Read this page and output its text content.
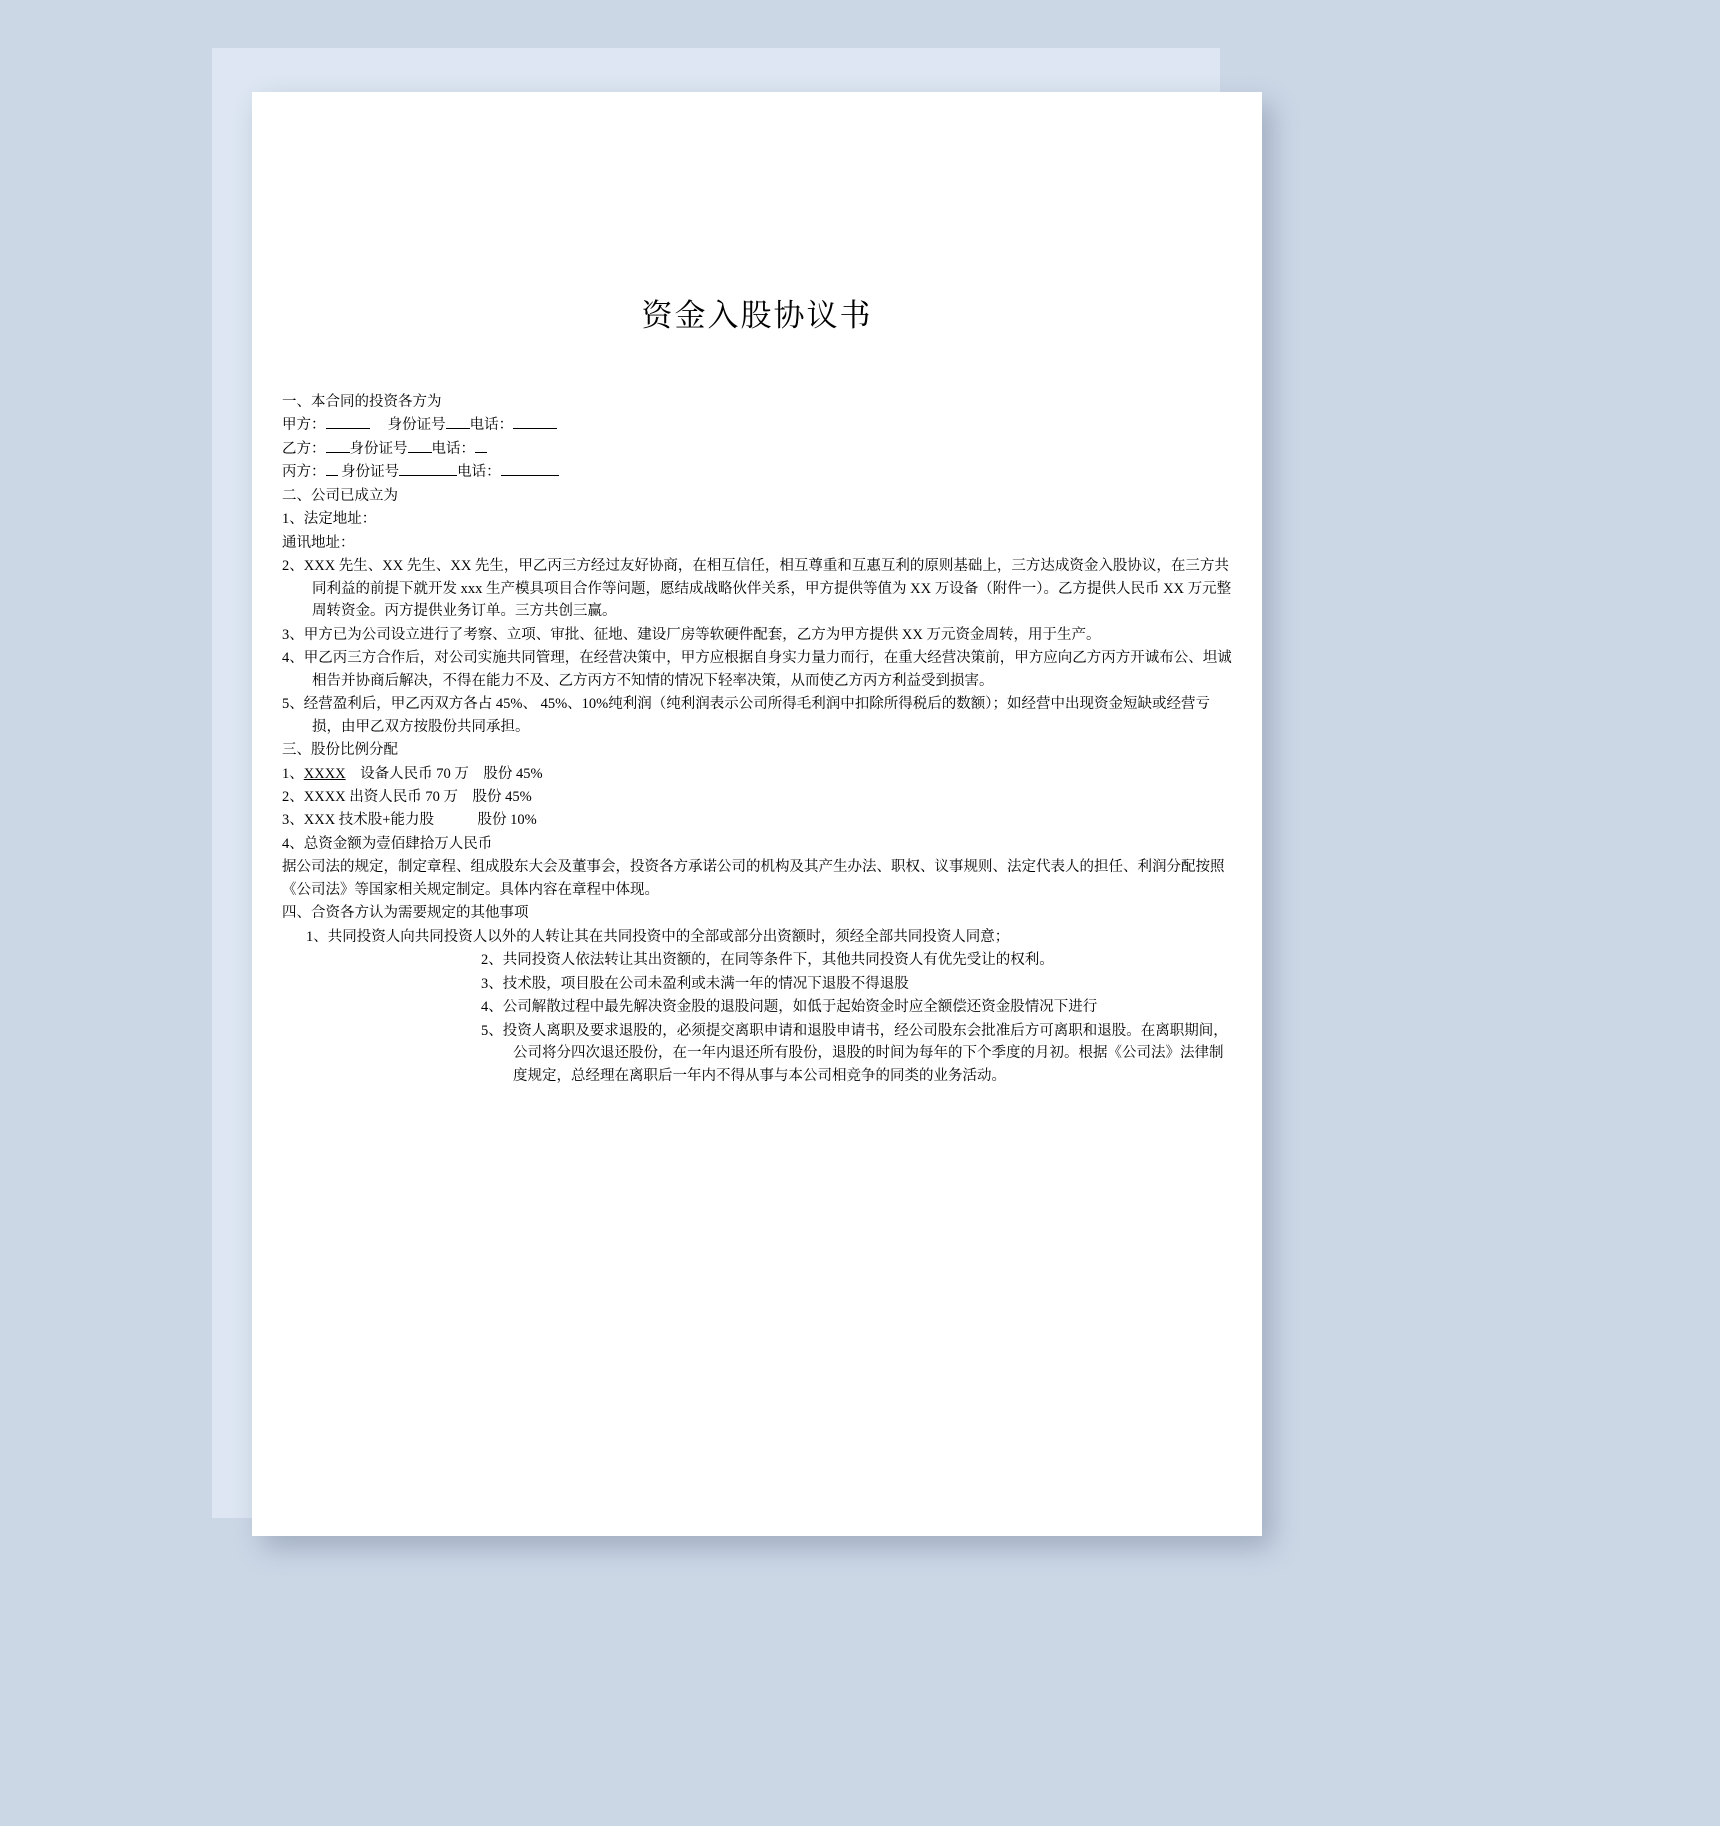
资金入股协议书

一、本合同的投资各方为

甲方：	身份证号 电话：

乙方： 身份证号 电话：

丙方： 身份证号	电话：

二、公司已成立为

1、法定地址：

通讯地址：

2、XXX 先生、XX 先生、XX 先生，甲乙丙三方经过友好协商，在相互信任，相互尊重和互惠互利的原则基础上，三方达成资金入股协议，在三方共同利益的前提下就开发 xxx 生产模具项目合作等问题，愿结成战略伙伴关系，甲方提供等值为 XX 万设备（附件一）。乙方提供人民币 XX 万元整周转资金。丙方提供业务订单。三方共创三赢。

3、甲方已为公司设立进行了考察、立项、审批、征地、建设厂房等软硬件配套，乙方为甲方提供 XX 万元资金周转，用于生产。

4、甲乙丙三方合作后，对公司实施共同管理，在经营决策中，甲方应根据自身实力量力而行，在重大经营决策前，甲方应向乙方丙方开诚布公、坦诚相告并协商后解决，不得在能力不及、乙方丙方不知情的情况下轻率决策，从而使乙方丙方利益受到损害。

5、经营盈利后，甲乙丙双方各占 45%、 45%、10%纯利润（纯利润表示公司所得毛利润中扣除所得税后的数额）；如经营中出现资金短缺或经营亏损，由甲乙双方按股份共同承担。

三、股份比例分配

1、XXXX　设备人民币 70 万　股份 45%

2、XXXX 出资人民币 70 万　股份 45%

3、XXX 技术股+能力股　　　股份 10%

4、总资金额为壹佰肆拾万人民币

据公司法的规定，制定章程、组成股东大会及董事会，投资各方承诺公司的机构及其产生办法、职权、议事规则、法定代表人的担任、利润分配按照《公司法》等国家相关规定制定。具体内容在章程中体现。

四、合资各方认为需要规定的其他事项

1、共同投资人向共同投资人以外的人转让其在共同投资中的全部或部分出资额时，须经全部共同投资人同意；

2、共同投资人依法转让其出资额的，在同等条件下，其他共同投资人有优先受让的权利。

3、技术股，项目股在公司未盈利或未满一年的情况下退股不得退股

4、公司解散过程中最先解决资金股的退股问题，如低于起始资金时应全额偿还资金股情况下进行

5、投资人离职及要求退股的，必须提交离职申请和退股申请书，经公司股东会批准后方可离职和退股。在离职期间，公司将分四次退还股份，在一年内退还所有股份，退股的时间为每年的下个季度的月初。根据《公司法》法律制度规定，总经理在离职后一年内不得从事与本公司相竞争的同类的业务活动。
